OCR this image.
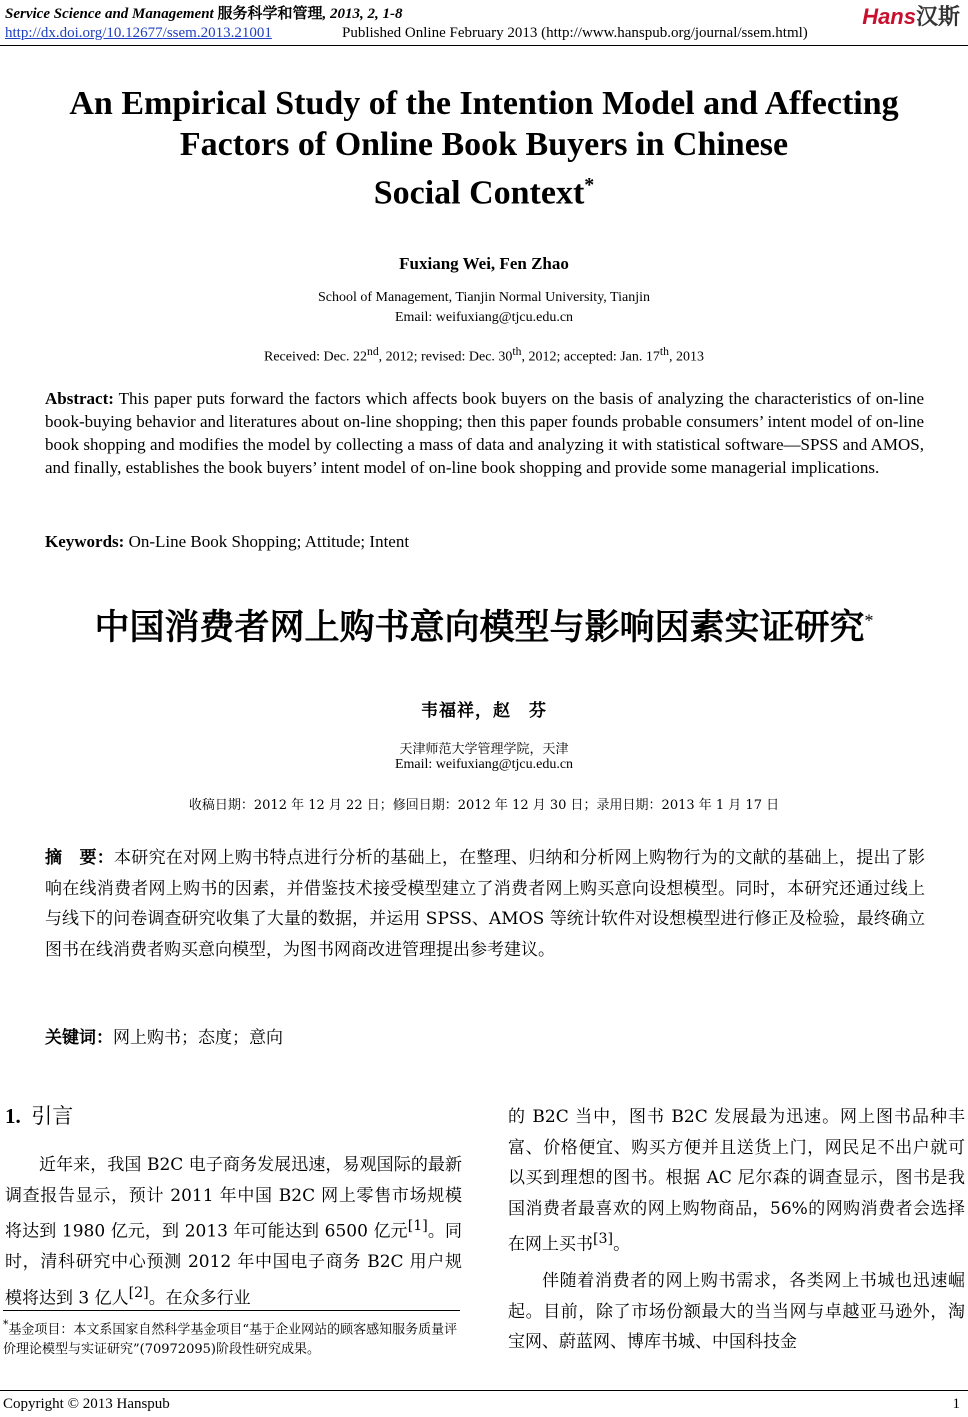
Service Science and Management 服务科学和管理, 2013, 2, 1-8	Hans汉斯
http://dx.doi.org/10.12677/ssem.2013.21001	Published Online February 2013 (http://www.hanspub.org/journal/ssem.html)
An Empirical Study of the Intention Model and Affecting
Factors of Online Book Buyers in Chinese
Social Context*
Fuxiang Wei, Fen Zhao
School of Management, Tianjin Normal University, Tianjin
Email: weifuxiang@tjcu.edu.cn
Received: Dec. 22nd, 2012; revised: Dec. 30th, 2012; accepted: Jan. 17th, 2013
Abstract: This paper puts forward the factors which affects book buyers on the basis of analyzing the characteristics of on-line book-buying behavior and literatures about on-line shopping; then this paper founds probable consumers’ intent model of on-line book shopping and modifies the model by collecting a mass of data and analyzing it with statistical software—SPSS and AMOS, and finally, establishes the book buyers’ intent model of on-line book shopping and provide some managerial implications.
Keywords: On-Line Book Shopping; Attitude; Intent
中国消费者网上购书意向模型与影响因素实证研究*
韦福祥，赵　芬
天津师范大学管理学院，天津
Email: weifuxiang@tjcu.edu.cn
收稿日期：2012 年 12 月 22 日；修回日期：2012 年 12 月 30 日；录用日期：2013 年 1 月 17 日
摘　要：本研究在对网上购书特点进行分析的基础上，在整理、归纳和分析网上购物行为的文献的基础上，提出了影响在线消费者网上购书的因素，并借鉴技术接受模型建立了消费者网上购买意向设想模型。同时，本研究还通过线上与线下的问卷调查研究收集了大量的数据，并运用 SPSS、AMOS 等统计软件对设想模型进行修正及检验，最终确立图书在线消费者购买意向模型，为图书网商改进管理提出参考建议。
关键词：网上购书；态度；意向
1. 引言
近年来，我国 B2C 电子商务发展迅速，易观国际的最新调查报告显示，预计 2011 年中国 B2C 网上零售市场规模将达到 1980 亿元，到 2013 年可能达到 6500 亿元[1]。同时，清科研究中心预测 2012 年中国电子商务 B2C 用户规模将达到 3 亿人[2]。在众多行业
的 B2C 当中，图书 B2C 发展最为迅速。网上图书品种丰富、价格便宜、购买方便并且送货上门，网民足不出户就可以买到理想的图书。根据 AC 尼尔森的调查显示，图书是我国消费者最喜欢的网上购物商品，56%的网购消费者会选择在网上买书[3]。
伴随着消费者的网上购书需求，各类网上书城也迅速崛起。目前，除了市场份额最大的当当网与卓越亚马逊外，淘宝网、蔚蓝网、博库书城、中国科技金
*基金项目：本文系国家自然科学基金项目“基于企业网站的顾客感知服务质量评价理论模型与实证研究”(70972095)阶段性研究成果。
Copyright © 2013 Hanspub	1
